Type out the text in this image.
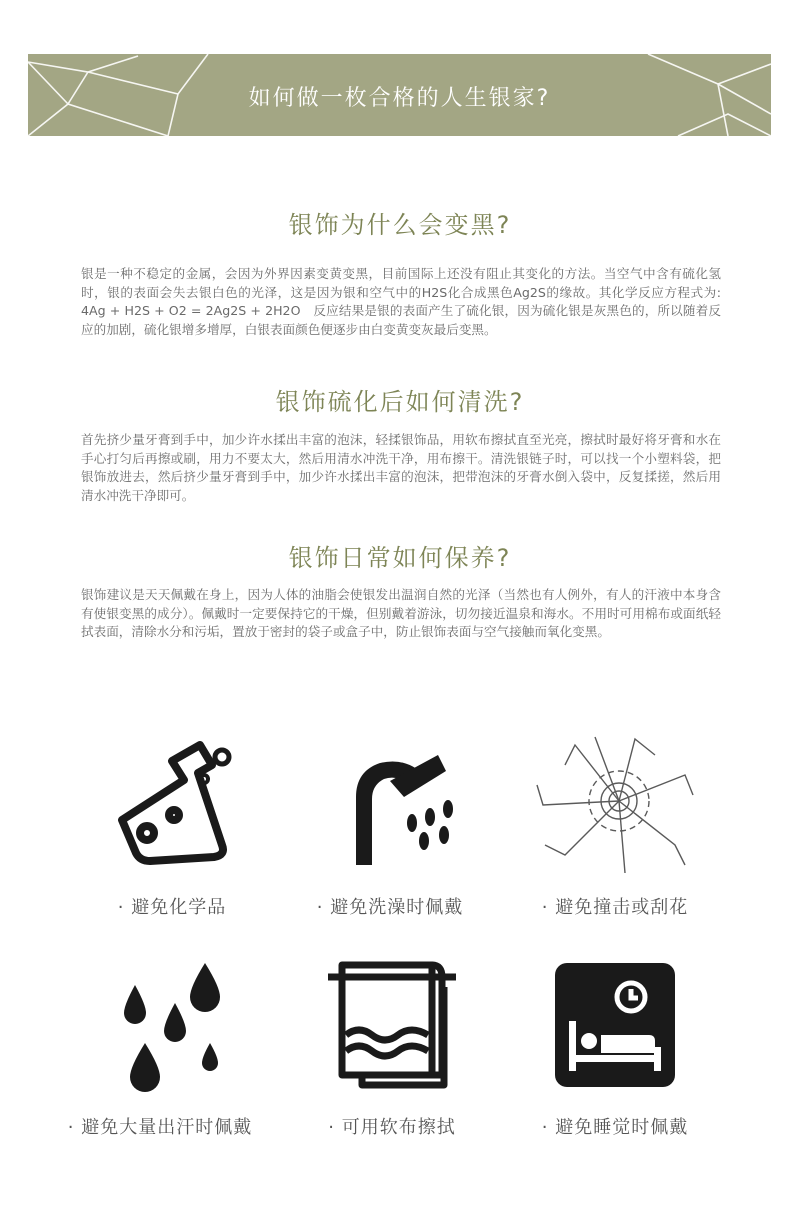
如何做一枚合格的人生银家?
银饰为什么会变黑?

银是一种不稳定的金属，会因为外界因素变黄变黑，目前国际上还没有阻止其变化的方法。当空气中含有硫化氢时，银的表面会失去银白色的光泽，这是因为银和空气中的H2S化合成黑色Ag2S的缘故。其化学反应方程式为: 4Ag + H2S + O2 = 2Ag2S + 2H2O　反应结果是银的表面产生了硫化银，因为硫化银是灰黑色的，所以随着反应的加剧，硫化银增多增厚，白银表面颜色便逐步由白变黄变灰最后变黑。

银饰硫化后如何清洗?

首先挤少量牙膏到手中，加少许水揉出丰富的泡沫，轻揉银饰品，用软布擦拭直至光亮，擦拭时最好将牙膏和水在手心打匀后再擦或刷，用力不要太大，然后用清水冲洗干净，用布擦干。清洗银链子时，可以找一个小塑料袋，把银饰放进去，然后挤少量牙膏到手中，加少许水揉出丰富的泡沫，把带泡沫的牙膏水倒入袋中，反复揉搓，然后用清水冲洗干净即可。

银饰日常如何保养?

银饰建议是天天佩戴在身上，因为人体的油脂会使银发出温润自然的光泽（当然也有人例外，有人的汗液中本身含有使银变黑的成分）。佩戴时一定要保持它的干燥，但别戴着游泳，切勿接近温泉和海水。不用时可用棉布或面纸轻拭表面，清除水分和污垢，置放于密封的袋子或盒子中，防止银饰表面与空气接触而氧化变黑。

· 避免化学品	· 避免洗澡时佩戴	· 避免撞击或刮花
· 避免大量出汗时佩戴	· 可用软布擦拭	· 避免睡觉时佩戴
